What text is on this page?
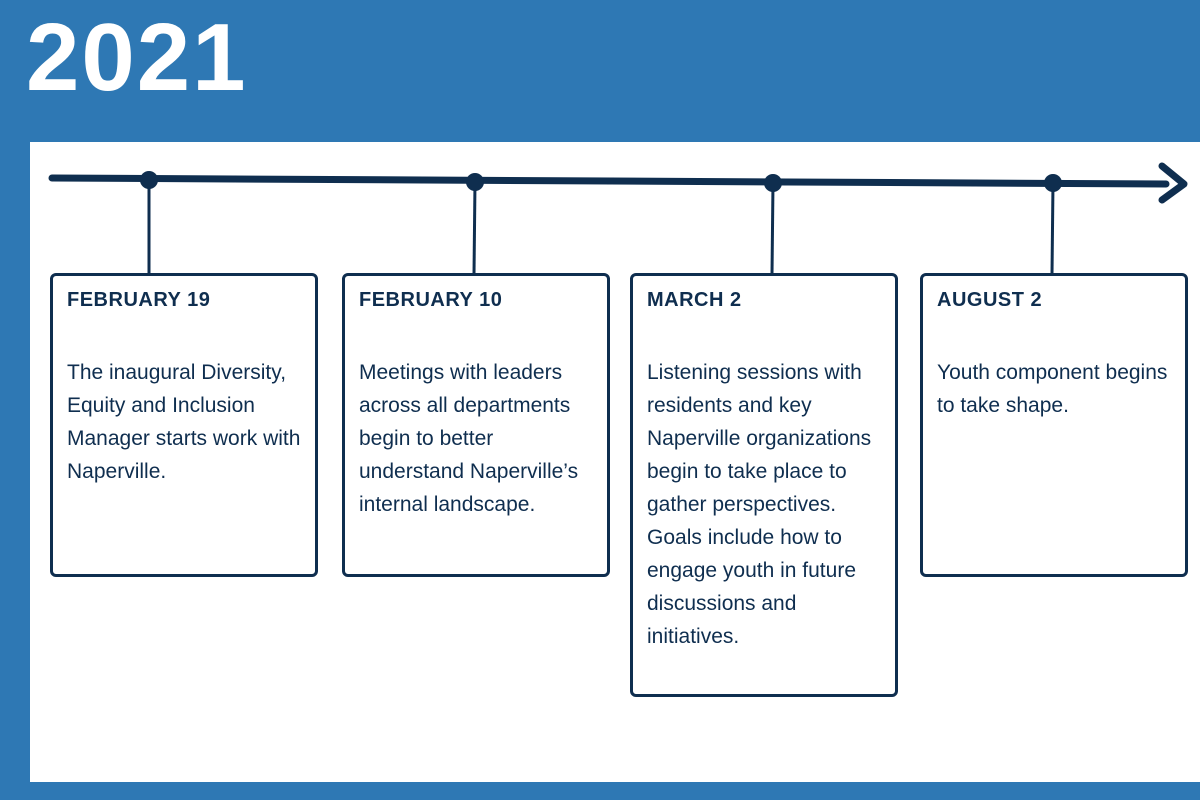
2021
FEBRUARY 19

The inaugural Diversity, Equity and Inclusion Manager starts work with Naperville.

FEBRUARY 10

Meetings with leaders across all departments begin to better understand Naperville’s internal landscape.

MARCH 2

Listening sessions with residents and key Naperville organizations begin to take place to gather perspectives. Goals include how to engage youth in future discussions and initiatives.

AUGUST 2

Youth component begins to take shape.
